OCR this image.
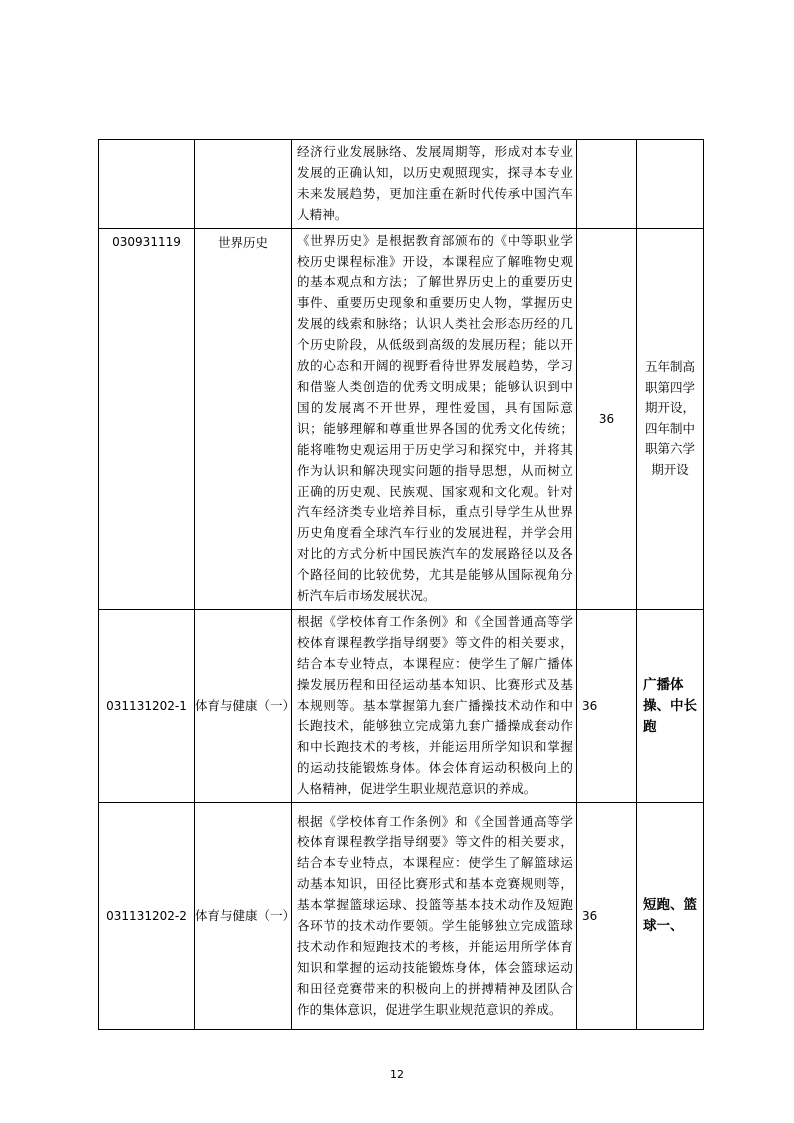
		经济行业发展脉络、发展周期等，形成对本专业发展的正确认知，以历史观照现实，探寻本专业未来发展趋势，更加注重在新时代传承中国汽车人精神。		
030931119	世界历史	《世界历史》是根据教育部颁布的《中等职业学校历史课程标准》开设，本课程应了解唯物史观的基本观点和方法；了解世界历史上的重要历史事件、重要历史现象和重要历史人物，掌握历史发展的线索和脉络；认识人类社会形态历经的几个历史阶段，从低级到高级的发展历程；能以开放的心态和开阔的视野看待世界发展趋势，学习和借鉴人类创造的优秀文明成果；能够认识到中国的发展离不开世界，理性爱国，具有国际意识；能够理解和尊重世界各国的优秀文化传统；能将唯物史观运用于历史学习和探究中，并将其作为认识和解决现实问题的指导思想，从而树立正确的历史观、民族观、国家观和文化观。针对汽车经济类专业培养目标，重点引导学生从世界历史角度看全球汽车行业的发展进程，并学会用对比的方式分析中国民族汽车的发展路径以及各个路径间的比较优势，尤其是能够从国际视角分析汽车后市场发展状况。	36	五年制高职第四学期开设，四年制中职第六学期开设
031131202-1	体育与健康（一）	根据《学校体育工作条例》和《全国普通高等学校体育课程教学指导纲要》等文件的相关要求，结合本专业特点，本课程应：使学生了解广播体操发展历程和田径运动基本知识、比赛形式及基本规则等。基本掌握第九套广播操技术动作和中长跑技术，能够独立完成第九套广播操成套动作和中长跑技术的考核，并能运用所学知识和掌握的运动技能锻炼身体。体会体育运动积极向上的人格精神，促进学生职业规范意识的养成。	36	广播体操、中长跑
031131202-2	体育与健康（一）	根据《学校体育工作条例》和《全国普通高等学校体育课程教学指导纲要》等文件的相关要求，结合本专业特点，本课程应：使学生了解篮球运动基本知识，田径比赛形式和基本竞赛规则等，基本掌握篮球运球、投篮等基本技术动作及短跑各环节的技术动作要领。学生能够独立完成篮球技术动作和短跑技术的考核，并能运用所学体育知识和掌握的运动技能锻炼身体，体会篮球运动和田径竞赛带来的积极向上的拼搏精神及团队合作的集体意识，促进学生职业规范意识的养成。	36	短跑、篮球一、
12
